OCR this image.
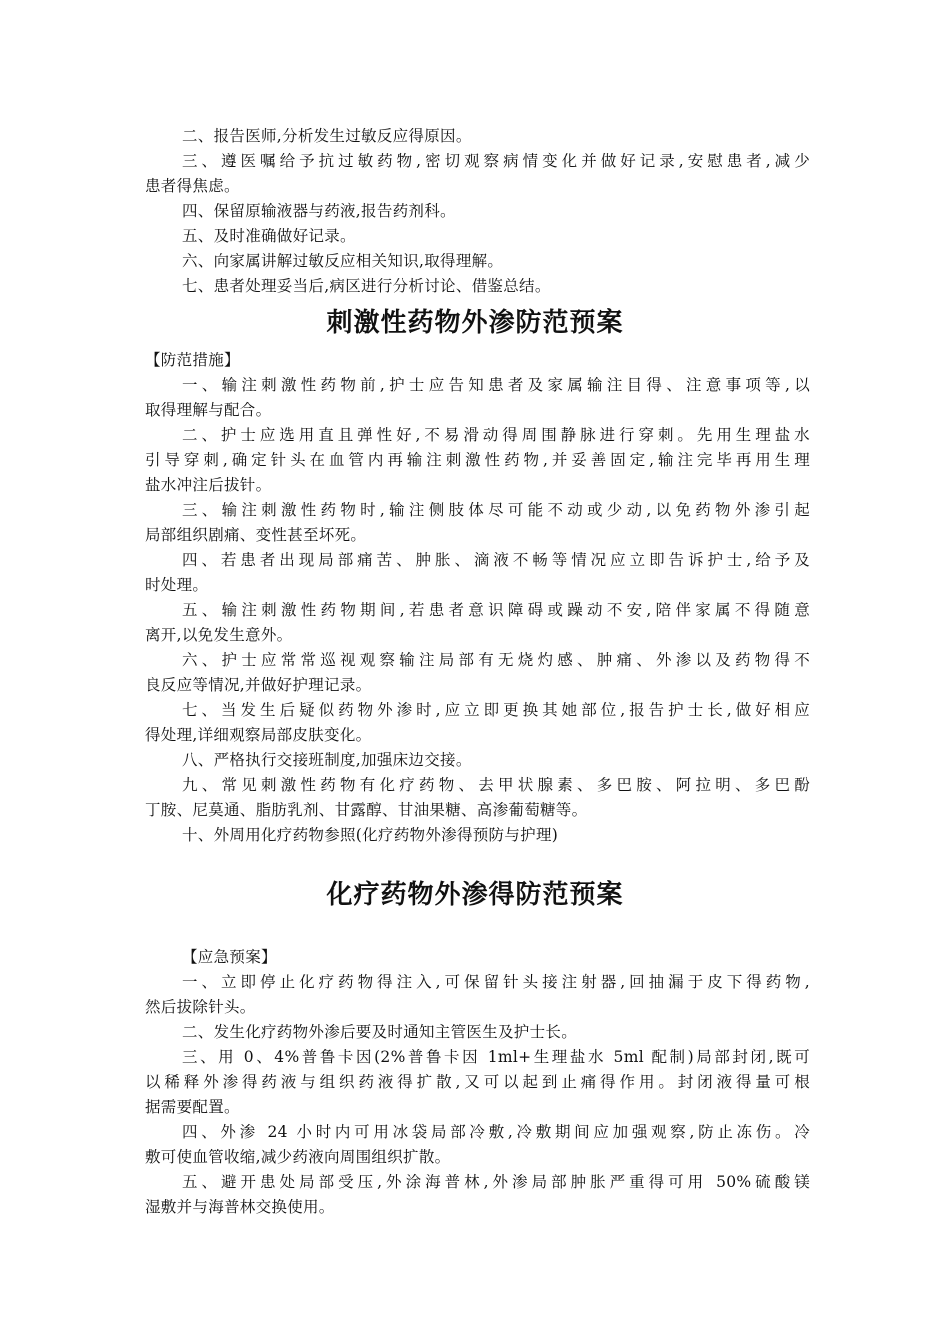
二、报告医师,分析发生过敏反应得原因。
三、遵医嘱给予抗过敏药物,密切观察病情变化并做好记录,安慰患者,减少
患者得焦虑。
四、保留原输液器与药液,报告药剂科。
五、及时准确做好记录。
六、向家属讲解过敏反应相关知识,取得理解。
七、患者处理妥当后,病区进行分析讨论、借鉴总结。
刺激性药物外渗防范预案
【防范措施】
一、输注刺激性药物前,护士应告知患者及家属输注目得、注意事项等,以
取得理解与配合。
二、护士应选用直且弹性好,不易滑动得周围静脉进行穿刺。先用生理盐水
引导穿刺,确定针头在血管内再输注刺激性药物,并妥善固定,输注完毕再用生理
盐水冲注后拔针。
三、输注刺激性药物时,输注侧肢体尽可能不动或少动,以免药物外渗引起
局部组织剧痛、变性甚至坏死。
四、若患者出现局部痛苦、肿胀、滴液不畅等情况应立即告诉护士,给予及
时处理。
五、输注刺激性药物期间,若患者意识障碍或躁动不安,陪伴家属不得随意
离开,以免发生意外。
六、护士应常常巡视观察输注局部有无烧灼感、肿痛、外渗以及药物得不
良反应等情况,并做好护理记录。
七、当发生后疑似药物外渗时,应立即更换其她部位,报告护士长,做好相应
得处理,详细观察局部皮肤变化。
八、严格执行交接班制度,加强床边交接。
九、常见刺激性药物有化疗药物、去甲状腺素、多巴胺、阿拉明、多巴酚
丁胺、尼莫通、脂肪乳剂、甘露醇、甘油果糖、高渗葡萄糖等。
十、外周用化疗药物参照(化疗药物外渗得预防与护理)
化疗药物外渗得防范预案
【应急预案】
一、立即停止化疗药物得注入,可保留针头接注射器,回抽漏于皮下得药物,
然后拔除针头。
二、发生化疗药物外渗后要及时通知主管医生及护士长。
三、用 0、4%普鲁卡因(2%普鲁卡因 1ml+生理盐水 5ml 配制)局部封闭,既可
以稀释外渗得药液与组织药液得扩散,又可以起到止痛得作用。封闭液得量可根
据需要配置。
四、外渗 24 小时内可用冰袋局部冷敷,冷敷期间应加强观察,防止冻伤。冷
敷可使血管收缩,减少药液向周围组织扩散。
五、避开患处局部受压,外涂海普林,外渗局部肿胀严重得可用 50%硫酸镁
湿敷并与海普林交换使用。
